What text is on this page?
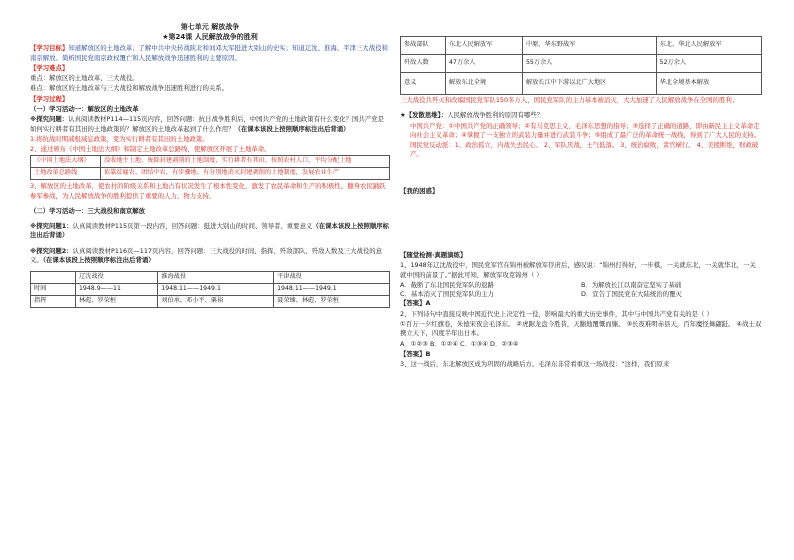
第七单元 解放战争
★第24课 人民解放战争的胜利

【学习目标】知道解放区的土地改革；了解中共中央转战陕北和刘邓大军挺进大别山的史实；知道辽沈、淮海、平津三大战役和南京解放。简析国民党南京政权覆亡和人民解放战争迅速胜利的主要原因。

【学习难点】

重点：解放区的土地改革、三大战役。

难点：解放区的土地改革与三大战役和解放战争迅速胜利进行的关系。

【学习过程】

（一）学习活动一：解放区的土地改革

※探究问题：认真阅读教材P114—115页内容，回答问题：抗日战争胜利后，中国共产党的土地政策有什么变化？国共产党是如何实行耕者有其田的土地政策的？解放区的土地改革起到了什么作用？（在课本该段上按照顺序标注出后背诵）

1.将抗战时期减租减息政策，变为实行耕者有其田的土地政策。

2、通过颁布《中国土地法大纲》和制定土地改革总路线，使解放区开展了土地革命。

《中国土地法大纲》	没收地主土地，废除封建剥削的土地制度，实行耕者有其田，按照农村人口，平均分配土地
土地改革总路线	依靠贫雇农、团结中农，有步骤地、有分别地消灭封建剥削的土地制度，发展农业生产

3、解放区的土地改革，使农村的阶级关系和土地占有状况发生了根本性变化，激发了农民革命和生产的积极性。翻身农民踊跃参军参战，为人民解放战争的胜利提供了重要的人力、物力支持。

（二）学习活动一：三大战役和南京解放

※探究问题1：认真阅读教材P115页第一段内容，回答问题：挺进大别山的时间、领导者、重要意义（在课本该段上按照顺序标注出后背诵）

※探究问题2：认真阅读教材P116页—117页内容，回答问题：三大战役的时间、指挥、歼敌部队、歼敌人数及三大战役的意义。（在课本该段上按照顺序标注出后背诵）

	辽沈战役	淮海战役	平津战役
时间	1948.9——11	1948.11——1949.1	1948.11——1949.1
指挥	林彪、罗荣桓	刘伯承、邓小平、粟裕	聂荣臻、林彪、罗荣桓
参战部队	东北人民解放军	中原、华东野战军	东北、华北人民解放军
歼敌人数	47万余人	55万余人	52万余人
意义	解放东北全境	解放长江中下游以北广大地区	华北全境基本解放

三大战役共歼灭和改编国民党军队150多万人，国民党军队的主力基本被消灭，大大加速了人民解放战争在全国的胜利；

★【发散思维】：人民解放战争胜利的原因有哪些？

中国共产党：①中国共产党的正确领导；②有马克思主义、毛泽东思想的指导；③选择了正确的道路，即由新民主主义革命走向社会主义革命；④掌握了一支独立的武装力量并进行武装斗争；⑤组成了最广泛的革命统一战线，得到了广大人民的支持。

国民党反动派：1、政治孤立，内战失去民心。 2、军队厌战，士气低落。 3、统治腐败，贪官横行。 4、美援断绝，财政破产。

【我的困惑】

【随堂检测·真题演练】

1、1948年辽沈战役中，国民党军官在锦州被解放军俘虏后，感叹说：“锦州打得好，一步棋，一关就东北，一关就华北，一关就中国的前景了。”据此可知，解放军攻克锦州（ ）

A．截断了东北国民党军队的退路	B．为解放长江以南奋定坚实了基础
C．基本消灭了国民党军队的主力	D．宣告了国民党在大陆统治的覆灭

【答案】A

2、下列诗句中直接反映中国近代史上决定性一役，影响最大的重大历史事件，其中与中国共产党有关的是（ ）

①百万一夕红旗卷，朱德宋夜会毛泽东。 ②虎踞龙盘今胜昔，天翻地覆慨而慷。 ③长夜难明赤县天，百年魔怪舞翩跹。 ④战士双携立天下，四度半年出日本。

A．①②③ B．①②④ C．①③④ D．②③④

【答案】B

3、这一战后，东北解放区成为巩固的战略后方。毛泽东非常看重这一场战役：“这样，我们原来
